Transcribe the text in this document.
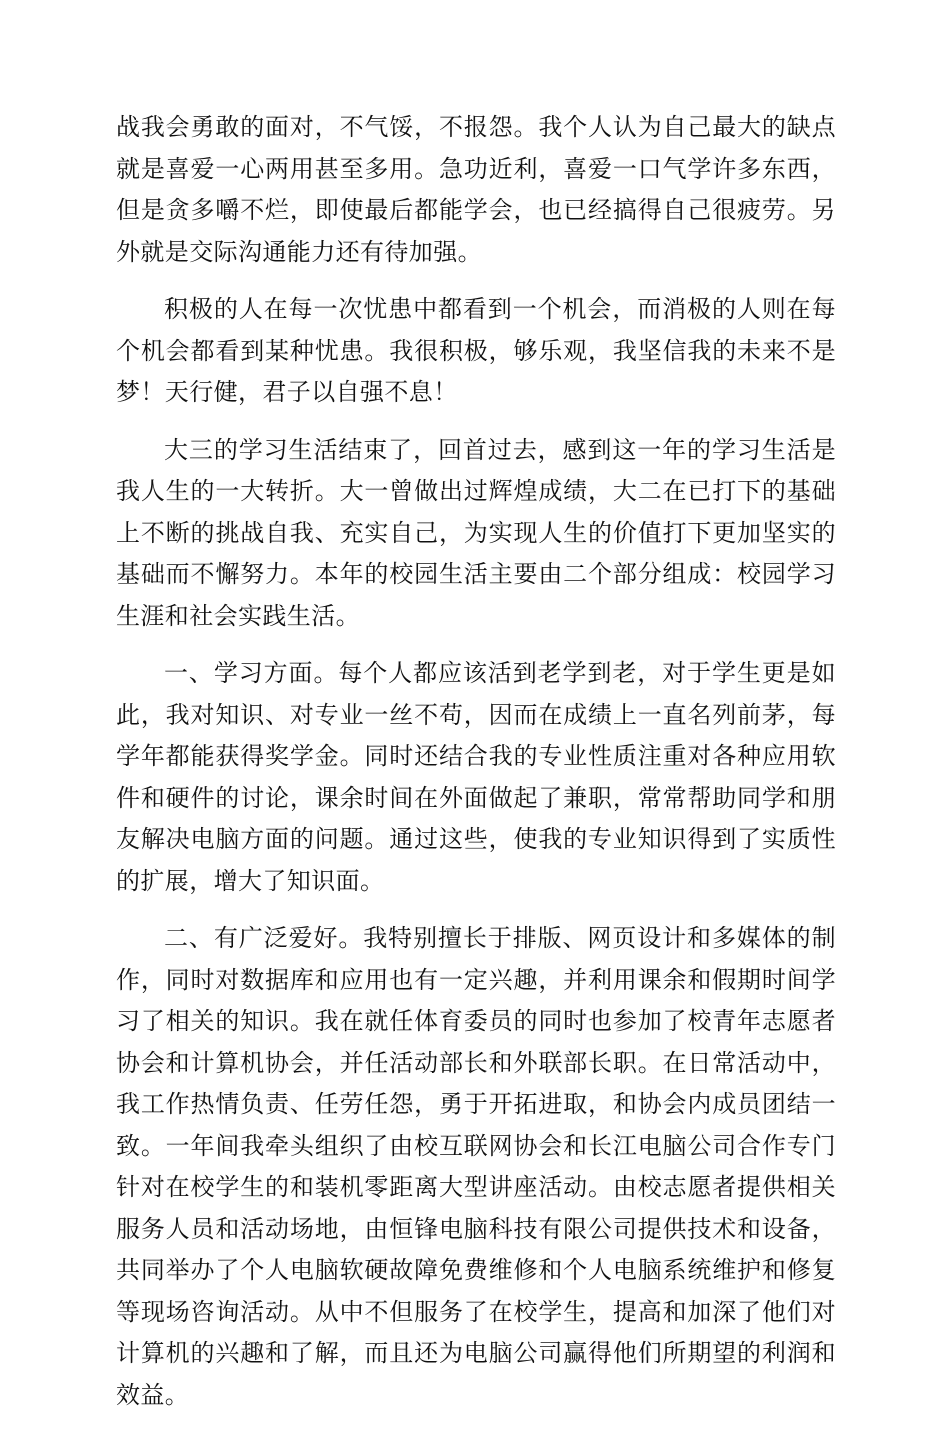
战我会勇敢的面对，不气馁，不报怨。我个人认为自己最大的缺点就是喜爱一心两用甚至多用。急功近利，喜爱一口气学许多东西，但是贪多嚼不烂，即使最后都能学会，也已经搞得自己很疲劳。另外就是交际沟通能力还有待加强。

积极的人在每一次忧患中都看到一个机会，而消极的人则在每个机会都看到某种忧患。我很积极，够乐观，我坚信我的未来不是梦！天行健，君子以自强不息！

大三的学习生活结束了，回首过去，感到这一年的学习生活是我人生的一大转折。大一曾做出过辉煌成绩，大二在已打下的基础上不断的挑战自我、充实自己，为实现人生的价值打下更加坚实的基础而不懈努力。本年的校园生活主要由二个部分组成：校园学习生涯和社会实践生活。

一、学习方面。每个人都应该活到老学到老，对于学生更是如此，我对知识、对专业一丝不苟，因而在成绩上一直名列前茅，每学年都能获得奖学金。同时还结合我的专业性质注重对各种应用软件和硬件的讨论，课余时间在外面做起了兼职，常常帮助同学和朋友解决电脑方面的问题。通过这些，使我的专业知识得到了实质性的扩展，增大了知识面。

二、有广泛爱好。我特别擅长于排版、网页设计和多媒体的制作，同时对数据库和应用也有一定兴趣，并利用课余和假期时间学习了相关的知识。我在就任体育委员的同时也参加了校青年志愿者协会和计算机协会，并任活动部长和外联部长职。在日常活动中，我工作热情负责、任劳任怨，勇于开拓进取，和协会内成员团结一致。一年间我牵头组织了由校互联网协会和长江电脑公司合作专门针对在校学生的和装机零距离大型讲座活动。由校志愿者提供相关服务人员和活动场地，由恒锋电脑科技有限公司提供技术和设备，共同举办了个人电脑软硬故障免费维修和个人电脑系统维护和修复等现场咨询活动。从中不但服务了在校学生，提高和加深了他们对计算机的兴趣和了解，而且还为电脑公司赢得他们所期望的利润和效益。
